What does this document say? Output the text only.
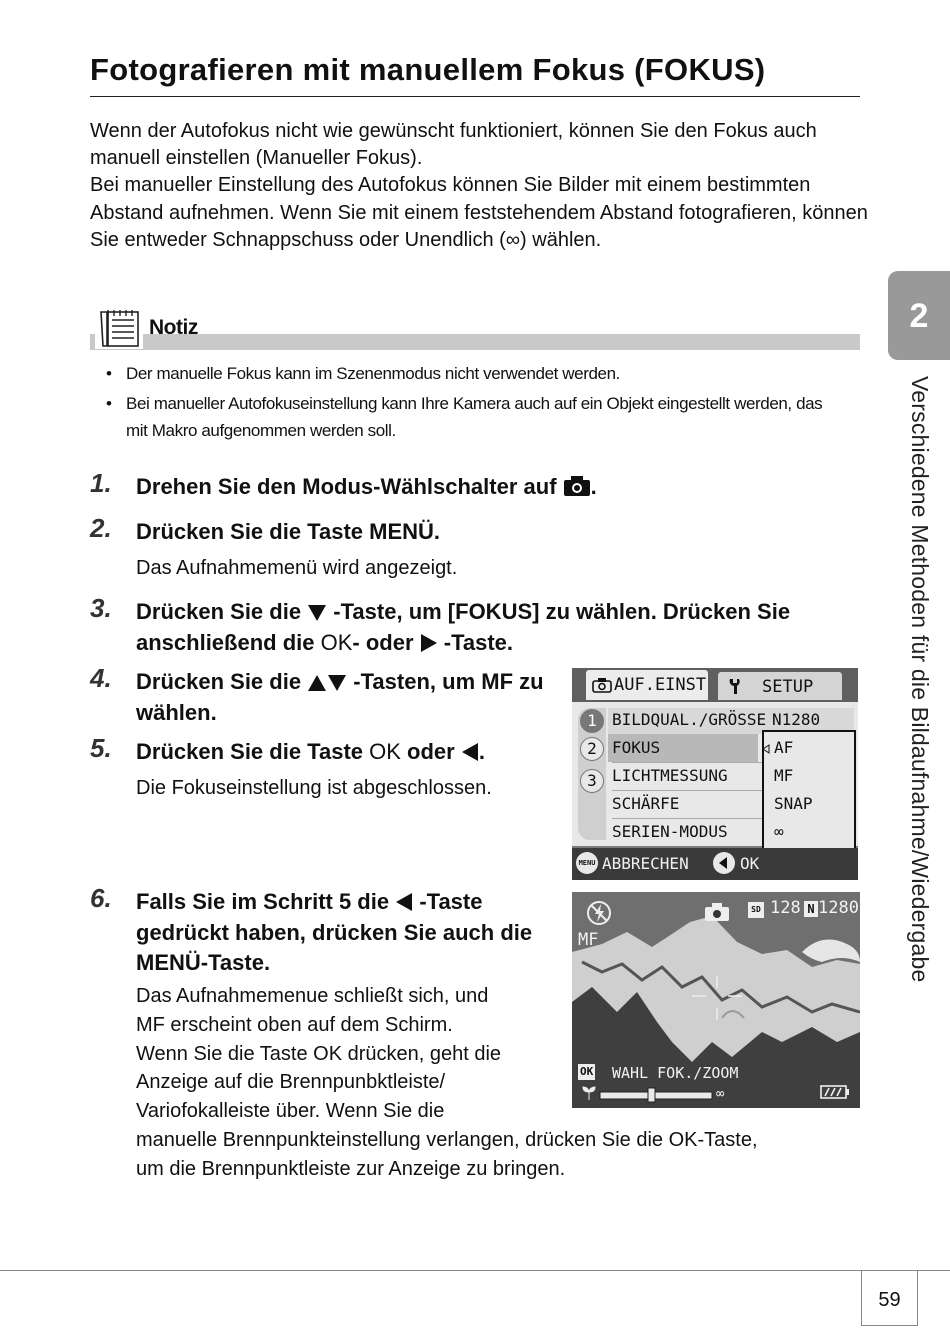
Fotografieren mit manuellem Fokus (FOKUS)

Wenn der Autofokus nicht wie gewünscht funktioniert, können Sie den Fokus auch manuell einstellen (Manueller Fokus).

Bei manueller Einstellung des Autofokus können Sie Bilder mit einem bestimmten Abstand aufnehmen. Wenn Sie mit einem feststehendem Abstand fotografieren, können Sie entweder Schnappschuss oder Unendlich (∞) wählen.

Notiz
• Der manuelle Fokus kann im Szenenmodus nicht verwendet werden.
• Bei manueller Autofokuseinstellung kann Ihre Kamera auch auf ein Objekt eingestellt werden, das mit Makro aufgenommen werden soll.
1. Drehen Sie den Modus-Wählschalter auf .
2. Drücken Sie die Taste MENÜ.
Das Aufnahmemenü wird angezeigt.
3. Drücken Sie die  -Taste, um [FOKUS] zu wählen. Drücken Sie anschließend die OK- oder  -Taste.
4. Drücken Sie die  -Tasten, um MF zu wählen.
5. Drücken Sie die Taste OK oder .
Die Fokuseinstellung ist abgeschlossen.
6. Falls Sie im Schritt 5 die  -Taste gedrückt haben, drücken Sie auch die MENÜ-Taste.

Das Aufnahmemenue schließt sich, und

MF erscheint oben auf dem Schirm.

Wenn Sie die Taste OK drücken, geht die

Anzeige auf die Brennpunbktleiste/

Variofokalleiste über. Wenn Sie die

manuelle Brennpunkteinstellung verlangen, drücken Sie die OK-Taste,

um die Brennpunktleiste zur Anzeige zu bringen.

AUF.EINST	SETUP
1
2
3
BILDQUAL./GRÖSSE N1280
FOKUS
LICHTMESSUNG
SCHÄRFE
SERIEN-MODUS
AF
MF
SNAP
∞
MENU ABBRECHEN	OK
SD 128 N 1280
MF
OK WAHL FOK./ZOOM
∞
2
Verschiedene Methoden für die Bildaufnahme/Wiedergabe
59
